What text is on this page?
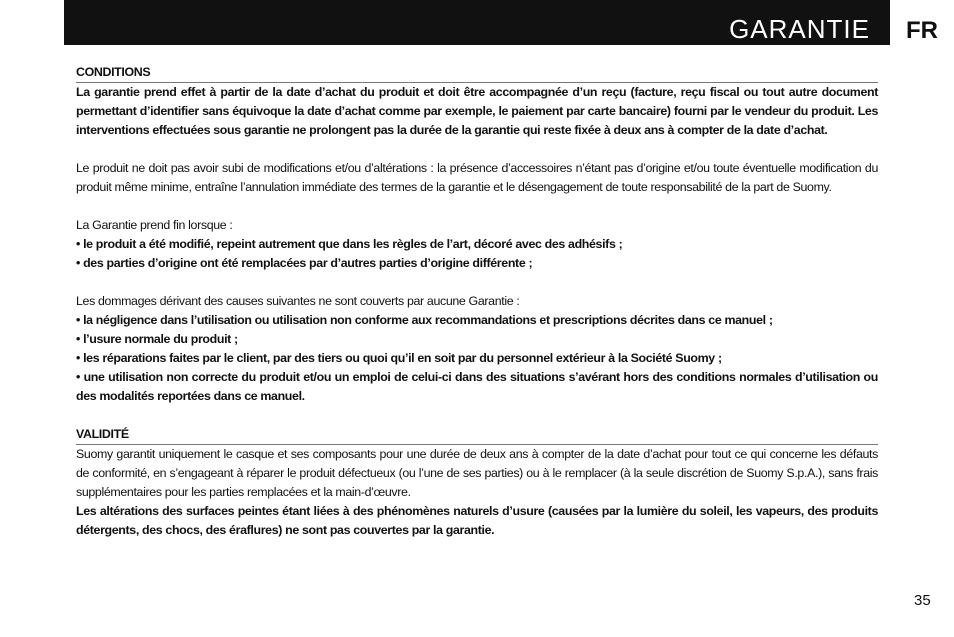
GARANTIE FR
CONDITIONS

La garantie prend effet à partir de la date d’achat du produit et doit être accompagnée d’un reçu (facture, reçu fiscal ou tout autre document permettant d’identifier sans équivoque la date d’achat comme par exemple, le paiement par carte bancaire) fourni par le vendeur du produit. Les interventions effectuées sous garantie ne prolongent pas la durée de la garantie qui reste fixée à deux ans à compter de la date d’achat.

Le produit ne doit pas avoir subi de modifications et/ou d’altérations : la présence d’accessoires n’étant pas d’origine et/ou toute éventuelle modification du produit même minime, entraîne l’annulation immédiate des termes de la garantie et le désengagement de toute responsabilité de la part de Suomy.

La Garantie prend fin lorsque :

• le produit a été modifié, repeint autrement que dans les règles de l’art, décoré avec des adhésifs ;

• des parties d’origine ont été remplacées par d’autres parties d’origine différente ;

Les dommages dérivant des causes suivantes ne sont couverts par aucune Garantie :

• la négligence dans l’utilisation ou utilisation non conforme aux recommandations et prescriptions décrites dans ce manuel ;

• l’usure normale du produit ;

• les réparations faites par le client, par des tiers ou quoi qu’il en soit par du personnel extérieur à la Société Suomy ;

• une utilisation non correcte du produit et/ou un emploi de celui-ci dans des situations s’avérant hors des conditions normales d’utilisation ou des modalités reportées dans ce manuel.

VALIDITÉ

Suomy garantit uniquement le casque et ses composants pour une durée de deux ans à compter de la date d’achat pour tout ce qui concerne les défauts de conformité, en s’engageant à réparer le produit défectueux (ou l’une de ses parties) ou à le remplacer (à la seule discrétion de Suomy S.p.A.), sans frais supplémentaires pour les parties remplacées et la main-d’œuvre.

Les altérations des surfaces peintes étant liées à des phénomènes naturels d’usure (causées par la lumière du soleil, les vapeurs, des produits détergents, des chocs, des éraflures) ne sont pas couvertes par la garantie.

35
